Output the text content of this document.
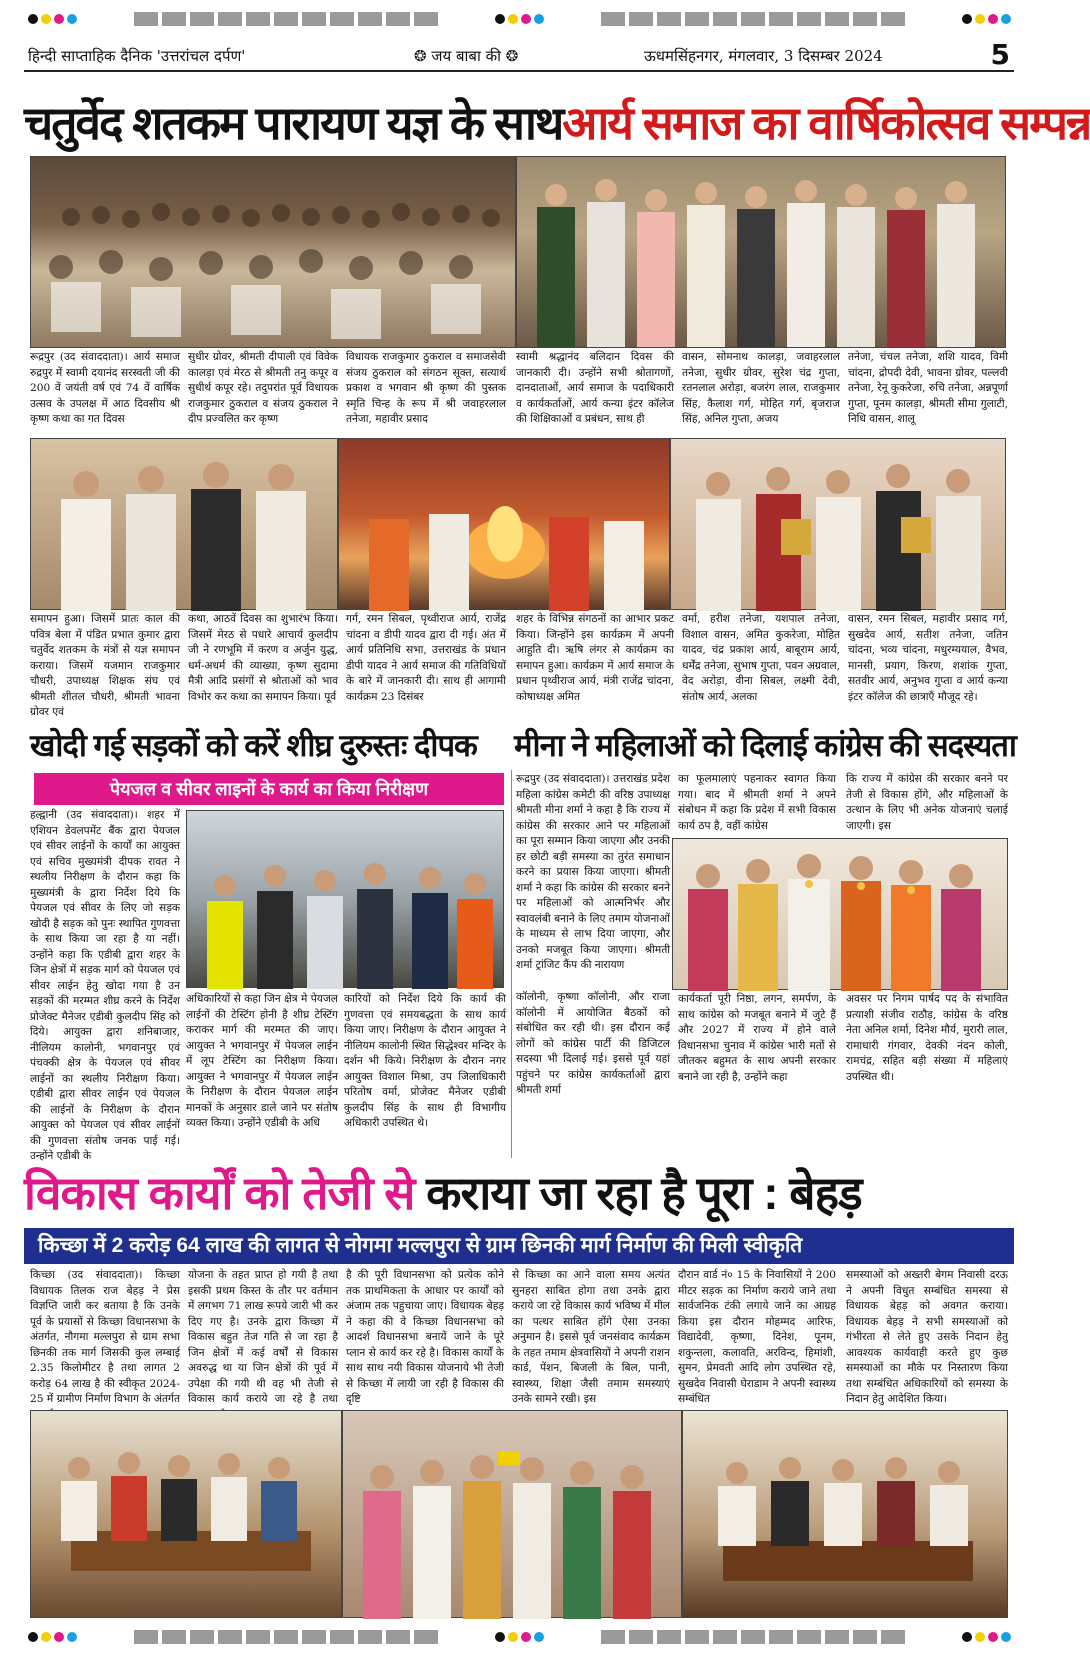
हिन्दी साप्ताहिक दैनिक 'उत्तरांचल दर्पण'	❂ जय बाबा की ❂	ऊधमसिंहनगर, मंगलवार, 3 दिसम्बर 2024	5
चतुर्वेद शतकम पारायण यज्ञ के साथआर्य समाज का वार्षिकोत्सव सम्पन्न
रूद्रपुर (उद संवाददाता)। आर्य समाज रुद्रपुर में स्वामी दयानंद सरस्वती जी की 200 वें जयंती वर्ष एवं 74 वें वार्षिक उत्सव के उपलक्ष में आठ दिवसीय श्री कृष्ण कथा का गत दिवस
सुधीर ग्रोवर, श्रीमती दीपाली एवं विवेक कालड़ा एवं मेरठ से श्रीमती तनु कपूर व सुधीर्थ कपूर रहे। तदुपरांत पूर्व विधायक राजकुमार ठुकराल व संजय ठुकराल ने दीप प्रज्वलित कर कृष्ण
विधायक राजकुमार ठुकराल व समाजसेवी संजय ठुकराल को संगठन सूक्त, सत्यार्थ प्रकाश व भगवान श्री कृष्ण की पुस्तक स्मृति चिन्ह के रूप में श्री जवाहरलाल तनेजा, महावीर प्रसाद
स्वामी श्रद्धानंद बलिदान दिवस की जानकारी दी। उन्होंने सभी श्रोतागणों, दानदाताओं, आर्य समाज के पदाधिकारी व कार्यकर्ताओं, आर्य कन्या इंटर कॉलेज की शिक्षिकाओं व प्रबंधन, साथ ही
वासन, सोमनाथ कालड़ा, जवाहरलाल तनेजा, सुधीर ग्रोवर, सुरेश चंद्र गुप्ता, रतनलाल अरोड़ा, बजरंग लाल, राजकुमार सिंह, कैलाश गर्ग, मोहित गर्ग, बृजराज सिंह, अनिल गुप्ता, अजय
तनेजा, चंचल तनेजा, शशि यादव, विमी चांदना, द्रोपदी देवी, भावना ग्रोवर, पल्लवी तनेजा, रेनू कुकरेजा, रुचि तनेजा, अन्नपूर्णा गुप्ता, पूनम कालड़ा, श्रीमती सीमा गुलाटी, निधि वासन, शालू
समापन हुआ। जिसमें प्रातः काल की पवित्र बेला में पंडित प्रभात कुमार द्वारा चतुर्वेद शतकम के मंत्रों से यज्ञ समापन कराया। जिसमें यजमान राजकुमार चौधरी, उपाध्यक्ष शिक्षक संघ एवं श्रीमती शीतल चौधरी, श्रीमती भावना ग्रोवर एवं
कथा, आठवें दिवस का शुभारंभ किया। जिसमें मेरठ से पधारे आचार्य कुलदीप जी ने रणभूमि में करण व अर्जुन युद्ध, धर्म-अधर्म की व्याख्या, कृष्ण सुदामा मैत्री आदि प्रसंगों से श्रोताओं को भाव विभोर कर कथा का समापन किया। पूर्व
गर्ग, रमन सिबल, पृथ्वीराज आर्य, राजेंद्र चांदना व डीपी यादव द्वारा दी गई। अंत में आर्य प्रतिनिधि सभा, उत्तराखंड के प्रधान डीपी यादव ने आर्य समाज की गतिविधियों के बारे में जानकारी दी। साथ ही आगामी कार्यक्रम 23 दिसंबर
शहर के विभिन्न संगठनों का आभार प्रकट किया। जिन्होंने इस कार्यक्रम में अपनी आहुति दी। ऋषि लंगर से कार्यक्रम का समापन हुआ। कार्यक्रम में आर्य समाज के प्रधान पृथ्वीराज आर्य, मंत्री राजेंद्र चांदना, कोषाध्यक्ष अमित
वर्मा, हरीश तनेजा, यशपाल तनेजा, विशाल वासन, अमित कुकरेजा, मोहित यादव, चंद्र प्रकाश आर्य, बाबूराम आर्य, धर्मेंद्र तनेजा, सुभाष गुप्ता, पवन अग्रवाल, वेद अरोड़ा, वीना सिबल, लक्ष्मी देवी, संतोष आर्य, अलका
वासन, रमन सिबल, महावीर प्रसाद गर्ग, सुखदेव आर्य, सतीश तनेजा, जतिन चांदना, भव्य चांदना, मधुरम्ययाल, वैभव, मानसी, प्रयाग, किरण, शशांक गुप्ता, सतवीर आर्य, अनुभव गुप्ता व आर्य कन्या इंटर कॉलेज की छात्राएँ मौजूद रहे।
खोदी गई सड़कों को करें शीघ्र दुरुस्तः दीपक	मीना ने महिलाओं को दिलाई कांग्रेस की सदस्यता
पेयजल व सीवर लाइनों के कार्य का किया निरीक्षण
हल्द्वानी (उद संवाददाता)। शहर में एशियन डेवलपमेंट बैंक द्वारा पेयजल एवं सीवर लाईनों के कार्यों का आयुक्त एवं सचिव मुख्यमंत्री दीपक रावत ने स्थलीय निरीक्षण के दौरान कहा कि मुख्यमंत्री के द्वारा निर्देश दिये कि पेयजल एवं सीवर के लिए जो सड़क खोदी है सड़क को पुनः स्थापित गुणवत्ता के साथ किया जा रहा है या नहीं। उन्होंने कहा कि एडीबी द्वारा शहर के जिन क्षेत्रों में सड़क मार्ग को पेयजल एवं सीवर लाईन हेतु खोदा गया है उन सड़कों की मरम्मत शीघ्र करने के निर्देश प्रोजेक्ट मैनेजर एडीबी कुलदीप सिंह को दिये। आयुक्त द्वारा शनिबाजार, नीलियम कालोनी, भगवानपुर एवं पंचक्की क्षेत्र के पेयजल एवं सीवर लाईनों का स्थलीय निरीक्षण किया। एडीबी द्वारा सीवर लाईन एवं पेयजल की लाईनों के निरीक्षण के दौरान आयुक्त को पेयजल एवं सीवर लाईनों की गुणवत्ता संतोष जनक पाई गई। उन्होंने एडीबी के
अधिकारियों से कहा जिन क्षेत्र मे पेयजल लाईनों की टेस्टिंग होनी है शीघ्र टेस्टिंग कराकर मार्ग की मरम्मत की जाए। आयुक्त ने भगवानपुर में पेयजल लाईन में लूप टेस्टिंग का निरीक्षण किया। आयुक्त ने भगवानपुर में पेयजल लाईन के निरीक्षण के दौरान पेयजल लाईन मानकों के अनुसार डाले जाने पर संतोष व्यक्त किया। उन्होंने एडीबी के अधि
कारियों को निर्देश दिये कि कार्य की गुणवत्ता एवं समयबद्धता के साथ कार्य किया जाए। निरीक्षण के दौरान आयुक्त ने नीलियम कालोनी स्थित सिद्धेश्वर मन्दिर के दर्शन भी किये। निरीक्षण के दौरान नगर आयुक्त विशाल मिश्रा, उप जिलाधिकारी परितोष वर्मा, प्रोजेक्ट मैनेजर एडीबी कुलदीप सिंह के साथ ही विभागीय अधिकारी उपस्थित थे।
रूद्रपुर (उद संवाददाता)। उत्तराखंड प्रदेश महिला कांग्रेस कमेटी की वरिष्ठ उपाध्यक्ष श्रीमती मीना शर्मा ने कहा है कि राज्य में कांग्रेस की सरकार आने पर महिलाओं का पूरा सम्मान किया जाएगा और उनकी हर छोटी बड़ी समस्या का तुरंत समाधान करने का प्रयास किया जाएगा। श्रीमती शर्मा ने कहा कि कांग्रेस की सरकार बनने पर महिलाओं को आत्मनिर्भर और स्वावलंबी बनाने के लिए तमाम योजनाओं के माध्यम से लाभ दिया जाएगा, और उनको मजबूत किया जाएगा। श्रीमती शर्मा ट्रांजिट कैंप की नारायण
का फूलमालाएं पहनाकर स्वागत किया गया। बाद में श्रीमती शर्मा ने अपने संबोधन में कहा कि प्रदेश में सभी विकास कार्य ठप है, वहीं कांग्रेस
कि राज्य में कांग्रेस की सरकार बनने पर तेजी से विकास होंगे, और महिलाओं के उत्थान के लिए भी अनेक योजनाएं चलाई जाएगी। इस
कॉलोनी, कृष्णा कॉलोनी, और राजा कॉलोनी में आयोजित बैठकों को संबोधित कर रही थी। इस दौरान कई लोगों को कांग्रेस पार्टी की डिजिटल सदस्या भी दिलाई गई। इससे पूर्व यहां पहुंचने पर कांग्रेस कार्यकर्ताओं द्वारा श्रीमती शर्मा
कार्यकर्ता पूरी निष्ठा, लगन, समर्पण, के साथ कांग्रेस को मजबूत बनाने में जुटे हैं और 2027 में राज्य में होने वाले विधानसभा चुनाव में कांग्रेस भारी मतों से जीतकर बहुमत के साथ अपनी सरकार बनाने जा रही है, उन्होंने कहा
अवसर पर निगम पार्षद पद के संभावित प्रत्याशी संजीव राठौड़, कांग्रेस के वरिष्ठ नेता अनिल शर्मा, दिनेश मौर्य, मुरारी लाल, रामाधारी गंगवार, देवकी नंदन कोली, रामचंद्र, सहित बड़ी संख्या में महिलाएं उपस्थित थी।
विकास कार्यों को तेजी से कराया जा रहा है पूरा : बेहड़
किच्छा में 2 करोड़ 64 लाख की लागत से नोगमा मल्लपुरा से ग्राम छिनकी मार्ग निर्माण की मिली स्वीकृति
किच्छा (उद संवाददाता)। किच्छा विधायक तिलक राज बेहड़ ने प्रेस विज्ञप्ति जारी कर बताया है कि उनके पूर्व के प्रयासों से किच्छा विधानसभा के अंतर्गत, नौगमा मल्लपुरा से ग्राम सभा छिनकी तक मार्ग जिसकी कुल लम्बाई 2.35 किलोमीटर है तथा लागत 2 करोड़ 64 लाख है की स्वीकृत 2024-25 में ग्रामीण निर्माण विभाग के अंतर्गत
योजना के तहत प्राप्त हो गयी है तथा इसकी प्रथम किस्त के तौर पर वर्तमान में लगभग 71 लाख रूपये जारी भी कर दिए गए है। उनके द्वारा किच्छा में विकास बहुत तेज गति से जा रहा है जिन क्षेत्रों में कई वर्षों से विकास अवरुद्ध था या जिन क्षेत्रों की पूर्व में उपेक्षा की गयी थी वह भी तेजी से विकास कार्य कराये जा रहे है तथा
है की पूरी विधानसभा को प्रत्येक कोने तक प्राथमिकता के आधार पर कार्यों को अंजाम तक पहुचाया जाए। विधायक बेहड़ ने कहा की वे किच्छा विधानसभा को आदर्श विधानसभा बनायें जाने के पूरे प्लान से कार्य कर रहे है। विकास कार्यों के साथ साथ नयी विकास योजनाये भी तेजी से किच्छा में लायी जा रही है विकास की दृष्टि
से किच्छा का आने वाला समय अत्यंत सुनहरा साबित होगा तथा उनके द्वारा कराये जा रहे विकास कार्य भविष्य में मील का पत्थर साबित होंगे ऐसा उनका अनुमान है। इससे पूर्व जनसंवाद कार्यक्रम के तहत तमाम क्षेत्रवासियों ने अपनी राशन कार्ड, पेंशन, बिजली के बिल, पानी, स्वास्थ्य, शिक्षा जैसी तमाम समस्याएं उनके सामने रखी। इस
दौरान वार्ड नं० 15 के निवासियों ने 200 मीटर सड़क का निर्माण कराये जाने तथा सार्वजनिक टंकी लगाये जाने का आग्रह किया इस दौरान मोहम्मद आरिफ, विद्यादेवी, कृष्णा, दिनेश, पूनम, शकुन्तला, कलावति, अरविन्द, हिमांशी, सुमन, प्रेमवती आदि लोग उपस्थित रहे, सुखदेव निवासी घेराडाम ने अपनी स्वास्थ्य सम्बंधित
समस्याओं को अख्तरी बेगम निवासी दरऊ ने अपनी विधुत सम्बंधित समस्या से विधायक बेहड़ को अवगत कराया। विधायक बेहड़ ने सभी समस्याओं को गंभीरता से लेते हुए उसके निदान हेतु आवश्यक कार्यवाही करते हुए कुछ समस्याओं का मौके पर निस्तारण किया तथा सम्बंधित अधिकारियों को समस्या के निदान हेतु आदेशित किया।
